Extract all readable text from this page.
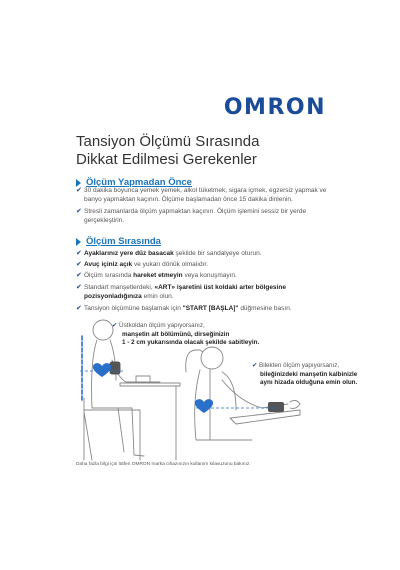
OMRON
Tansiyon Ölçümü Sırasında
Dikkat Edilmesi Gerekenler
Ölçüm Yapmadan Önce
✔ 30 dakika boyunca yemek yemek, alkol tüketmek, sigara içmek, egzersiz yapmak ve banyo yapmaktan kaçının. Ölçüme başlamadan önce 15 dakika dinlenin.
✔ Stresli zamanlarda ölçüm yapmaktan kaçının. Ölçüm işlemini sessiz bir yerde gerçekleştirin.
Ölçüm Sırasında
✔ Ayaklarınız yere düz basacak şekilde bir sandalyeye oturun.
✔ Avuç içiniz açık ve yukarı dönük olmalıdır.
✔ Ölçüm sırasında hareket etmeyin veya konuşmayın.
✔ Standart manşetlerdeki, «ART» işaretini üst koldaki arter bölgesine pozisyonladığınıza emin olun.
✔ Tansiyon ölçümüne başlamak için "START [BAŞLA]" düğmesine basın.
✔ Üstkoldan ölçüm yapıyorsanız,
manşetin alt bölümünü, dirseğinizin
1 - 2 cm yukarısında olacak şekilde sabitleyin.
✔ Bilekten ölçüm yapıyorsanız,
bileğinizdeki manşetin kalbinizle
aynı hizada olduğuna emin olun.
Daha fazla bilgi için lütfen OMRON marka cihazınızın kullanım kılavuzunu bakınız.
